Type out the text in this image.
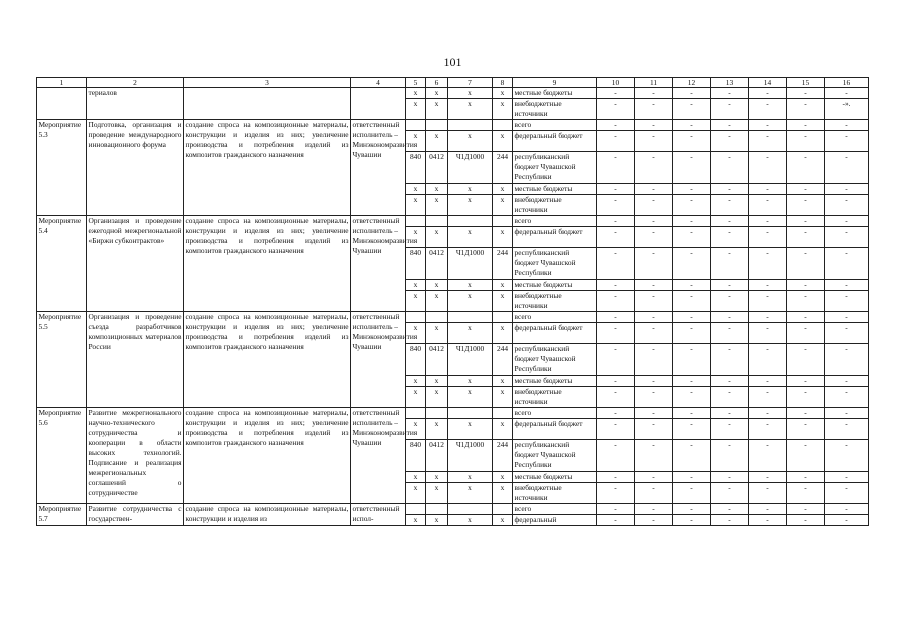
101
1	2	3	4	5	6	7	8	9	10	11	12	13	14	15	16
	териалов			х	х	х	х	местные бюджеты	-	-	-	-	-	-	-
				х	х	х	х	внебюджетные источники	-	-	-	-	-	-	-».
Мероприятие 5.3	Подготовка, организация и проведение международного инновационного форума	создание спроса на композиционные материалы, конструкции и изделия из них; увеличение производства и потребления изделий из композитов гражданского назначения	ответственный исполнитель – Минэкономразвития Чувашии					всего	-	-	-	-	-	-	-
				х	х	х	х	федеральный бюджет	-	-	-	-	-	-	-
				840	0412	Ч1Д1000	244	республиканский бюджет Чувашской Республики	-	-	-	-	-	-	-
				х	х	х	х	местные бюджеты	-	-	-	-	-	-	-
				х	х	х	х	внебюджетные источники	-	-	-	-	-	-	-
Мероприятие 5.4	Организация и проведение ежегодной межрегиональной «Биржи субконтрактов»	создание спроса на композиционные материалы, конструкции и изделия из них; увеличение производства и потребления изделий из композитов гражданского назначения	ответственный исполнитель – Минэкономразвития Чувашии					всего	-	-	-	-	-	-	-
				х	х	х	х	федеральный бюджет	-	-	-	-	-	-	-
				840	0412	Ч1Д1000	244	республиканский бюджет Чувашской Республики	-	-	-	-	-	-	-
				х	х	х	х	местные бюджеты	-	-	-	-	-	-	-
				х	х	х	х	внебюджетные источники	-	-	-	-	-	-	-
Мероприятие 5.5	Организация и проведение съезда разработчиков композиционных материалов России	создание спроса на композиционные материалы, конструкции и изделия из них; увеличение производства и потребления изделий из композитов гражданского назначения	ответственный исполнитель – Минэкономразвития Чувашии					всего	-	-	-	-	-	-	-
				х	х	х	х	федеральный бюджет	-	-	-	-	-	-	-
				840	0412	Ч1Д1000	244	республиканский бюджет Чувашской Республики	-	-	-	-	-	-	-
				х	х	х	х	местные бюджеты	-	-	-	-	-	-	-
				х	х	х	х	внебюджетные источники	-	-	-	-	-	-	-
Мероприятие 5.6	Развитие межрегионального научно-технического сотрудничества и кооперации в области высоких технологий. Подписание и реализация межрегиональных соглашений о сотрудничестве	создание спроса на композиционные материалы, конструкции и изделия из них; увеличение производства и потребления изделий из композитов гражданского назначения	ответственный исполнитель – Минэкономразвития Чувашии					всего	-	-	-	-	-	-	-
				х	х	х	х	федеральный бюджет	-	-	-	-	-	-	-
				840	0412	Ч1Д1000	244	республиканский бюджет Чувашской Республики	-	-	-	-	-	-	-
				х	х	х	х	местные бюджеты	-	-	-	-	-	-	-
				х	х	х	х	внебюджетные источники	-	-	-	-	-	-	-
Мероприятие 5.7	Развитие сотрудничества с государствен-	создание спроса на композиционные материалы, конструкции и изделия из	ответственный испол-					всего	-	-	-	-	-	-	-
				х	х	х	х	федеральный	-	-	-	-	-	-	-
